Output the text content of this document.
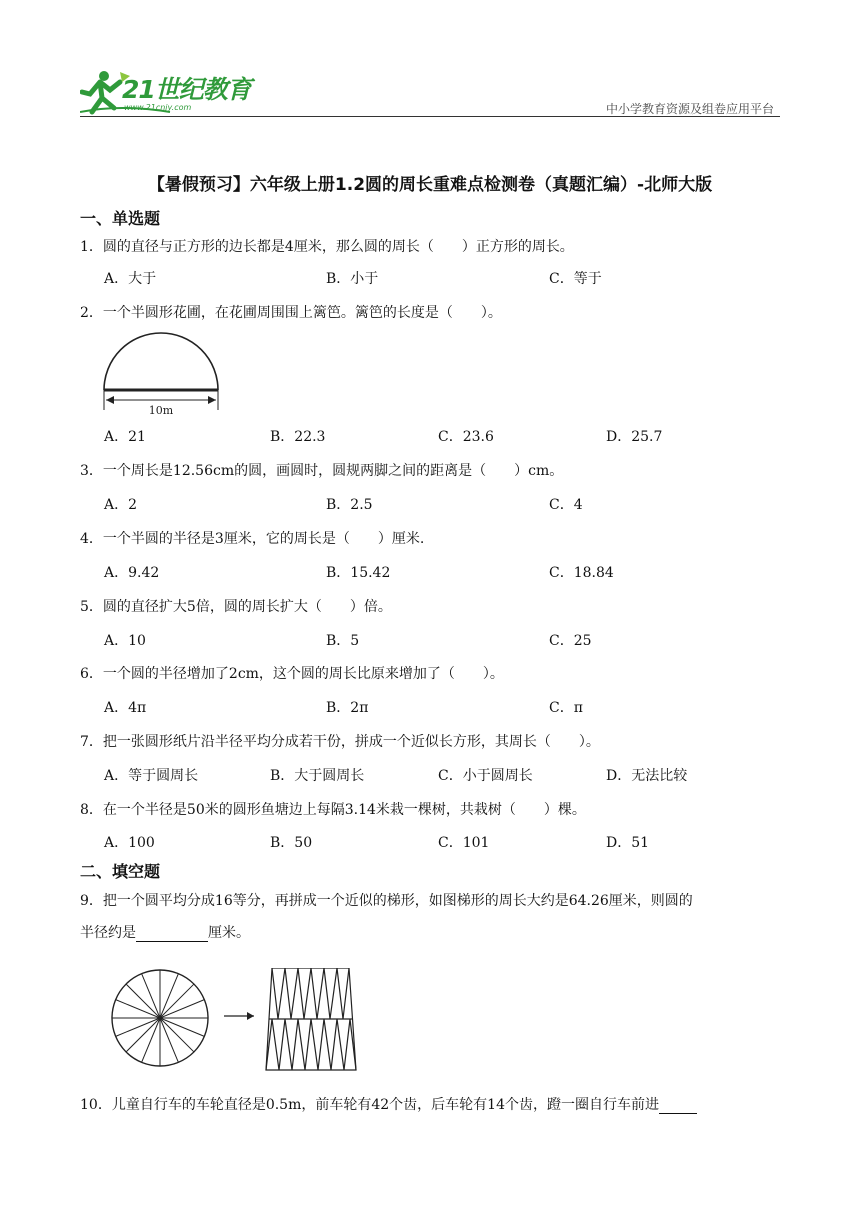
21世纪教育
www.21cnjy.com	中小学教育资源及组卷应用平台
【暑假预习】六年级上册1.2圆的周长重难点检测卷（真题汇编）-北师大版
一、单选题
1．圆的直径与正方形的边长都是4厘米，那么圆的周长（　　）正方形的周长。
A．大于	B．小于	C．等于
2．一个半圆形花圃，在花圃周围围上篱笆。篱笆的长度是（　　）。
10m
A．21	B．22.3	C．23.6	D．25.7
3．一个周长是12.56cm的圆，画圆时，圆规两脚之间的距离是（　　）cm。
A．2	B．2.5	C．4
4．一个半圆的半径是3厘米，它的周长是（　　）厘米.
A．9.42	B．15.42	C．18.84
5．圆的直径扩大5倍，圆的周长扩大（　　）倍。
A．10	B．5	C．25
6．一个圆的半径增加了2cm，这个圆的周长比原来增加了（　　）。
A．4π	B．2π	C．π
7．把一张圆形纸片沿半径平均分成若干份，拼成一个近似长方形，其周长（　　）。
A．等于圆周长	B．大于圆周长	C．小于圆周长	D．无法比较
8．在一个半径是50米的圆形鱼塘边上每隔3.14米栽一棵树，共栽树（　　）棵。
A．100	B．50	C．101	D．51
二、填空题
9．把一个圆平均分成16等分，再拼成一个近似的梯形，如图梯形的周长大约是64.26厘米，则圆的
半径约是	厘米。
10．儿童自行车的车轮直径是0.5m，前车轮有42个齿，后车轮有14个齿，蹬一圈自行车前进
